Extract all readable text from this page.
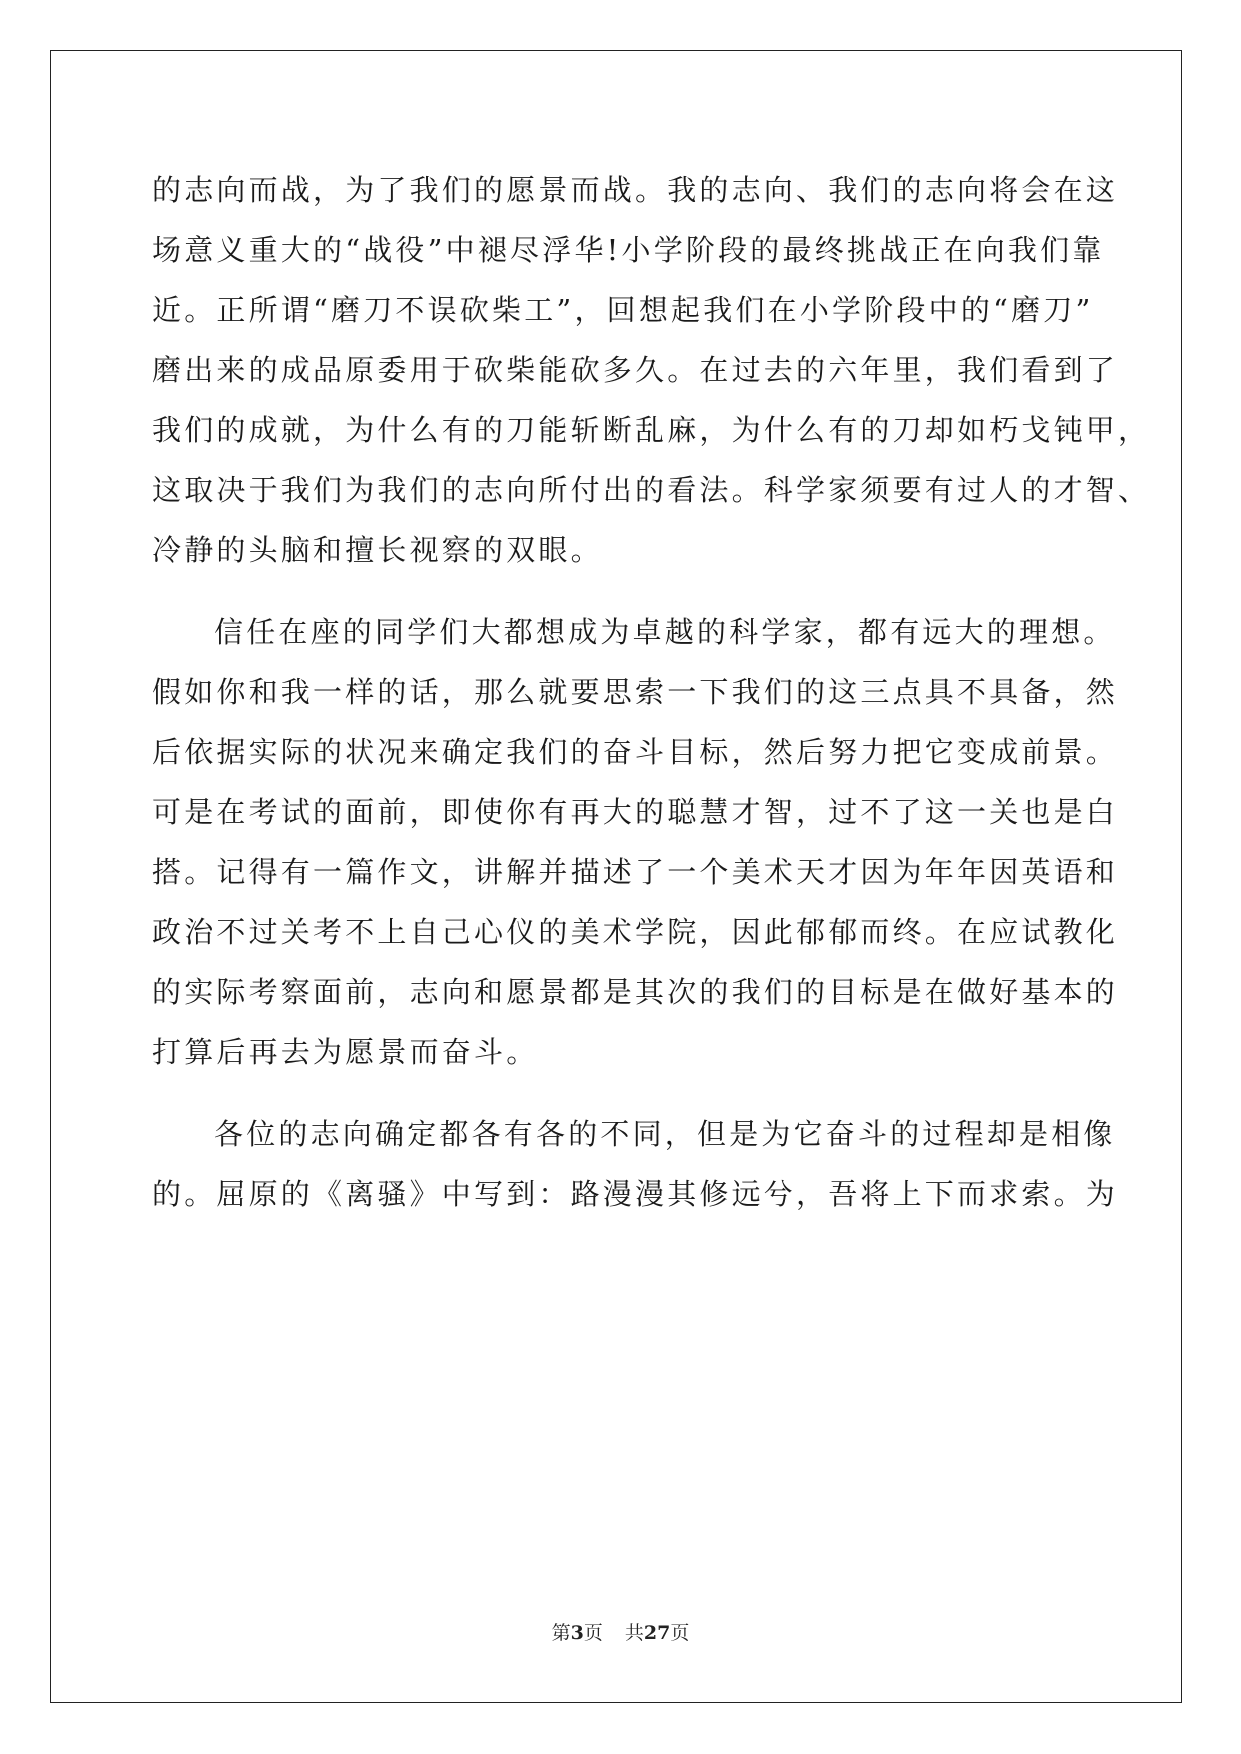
的志向而战，为了我们的愿景而战。我的志向、我们的志向将会在这
场意义重大的“战役”中褪尽浮华!小学阶段的最终挑战正在向我们靠
近。正所谓“磨刀不误砍柴工”，回想起我们在小学阶段中的“磨刀”
磨出来的成品原委用于砍柴能砍多久。在过去的六年里，我们看到了
我们的成就，为什么有的刀能斩断乱麻，为什么有的刀却如朽戈钝甲，
这取决于我们为我们的志向所付出的看法。科学家须要有过人的才智、
冷静的头脑和擅长视察的双眼。
信任在座的同学们大都想成为卓越的科学家，都有远大的理想。
假如你和我一样的话，那么就要思索一下我们的这三点具不具备，然
后依据实际的状况来确定我们的奋斗目标，然后努力把它变成前景。
可是在考试的面前，即使你有再大的聪慧才智，过不了这一关也是白
搭。记得有一篇作文，讲解并描述了一个美术天才因为年年因英语和
政治不过关考不上自己心仪的美术学院，因此郁郁而终。在应试教化
的实际考察面前，志向和愿景都是其次的我们的目标是在做好基本的
打算后再去为愿景而奋斗。
各位的志向确定都各有各的不同，但是为它奋斗的过程却是相像
的。屈原的《离骚》中写到：路漫漫其修远兮，吾将上下而求索。为
第3页 共27页
